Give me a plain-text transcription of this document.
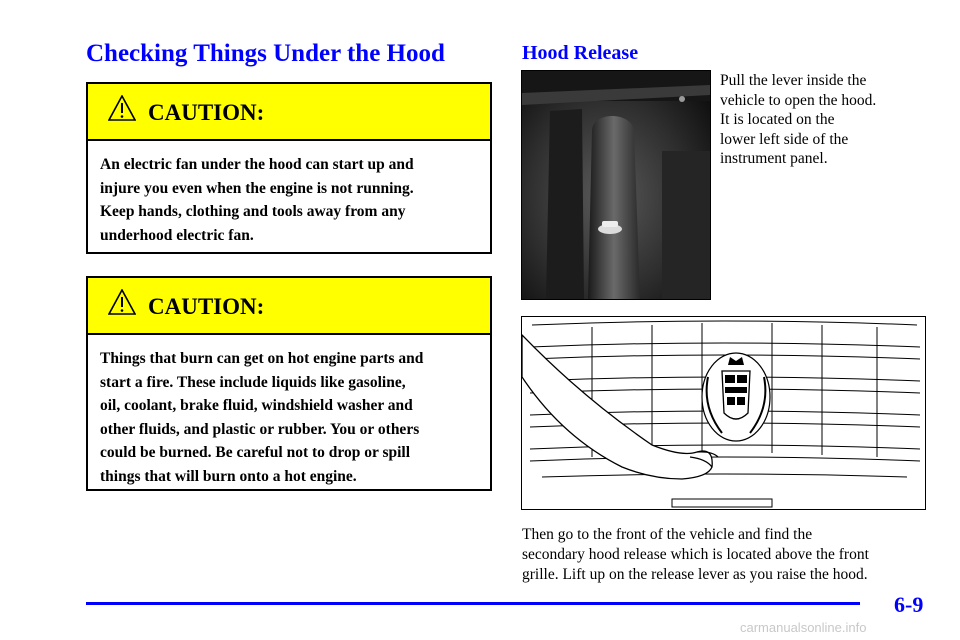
Checking Things Under the Hood	Hood Release
CAUTION:
An electric fan under the hood can start up and
injure you even when the engine is not running.
Keep hands, clothing and tools away from any
underhood electric fan.
CAUTION:
Things that burn can get on hot engine parts and
start a fire. These include liquids like gasoline,
oil, coolant, brake fluid, windshield washer and
other fluids, and plastic or rubber. You or others
could be burned. Be careful not to drop or spill
things that will burn onto a hot engine.
Pull the lever inside the
vehicle to open the hood.
It is located on the
lower left side of the
instrument panel.
Then go to the front of the vehicle and find the
secondary hood release which is located above the front
grille. Lift up on the release lever as you raise the hood.
6-9
carmanualsonline.info
